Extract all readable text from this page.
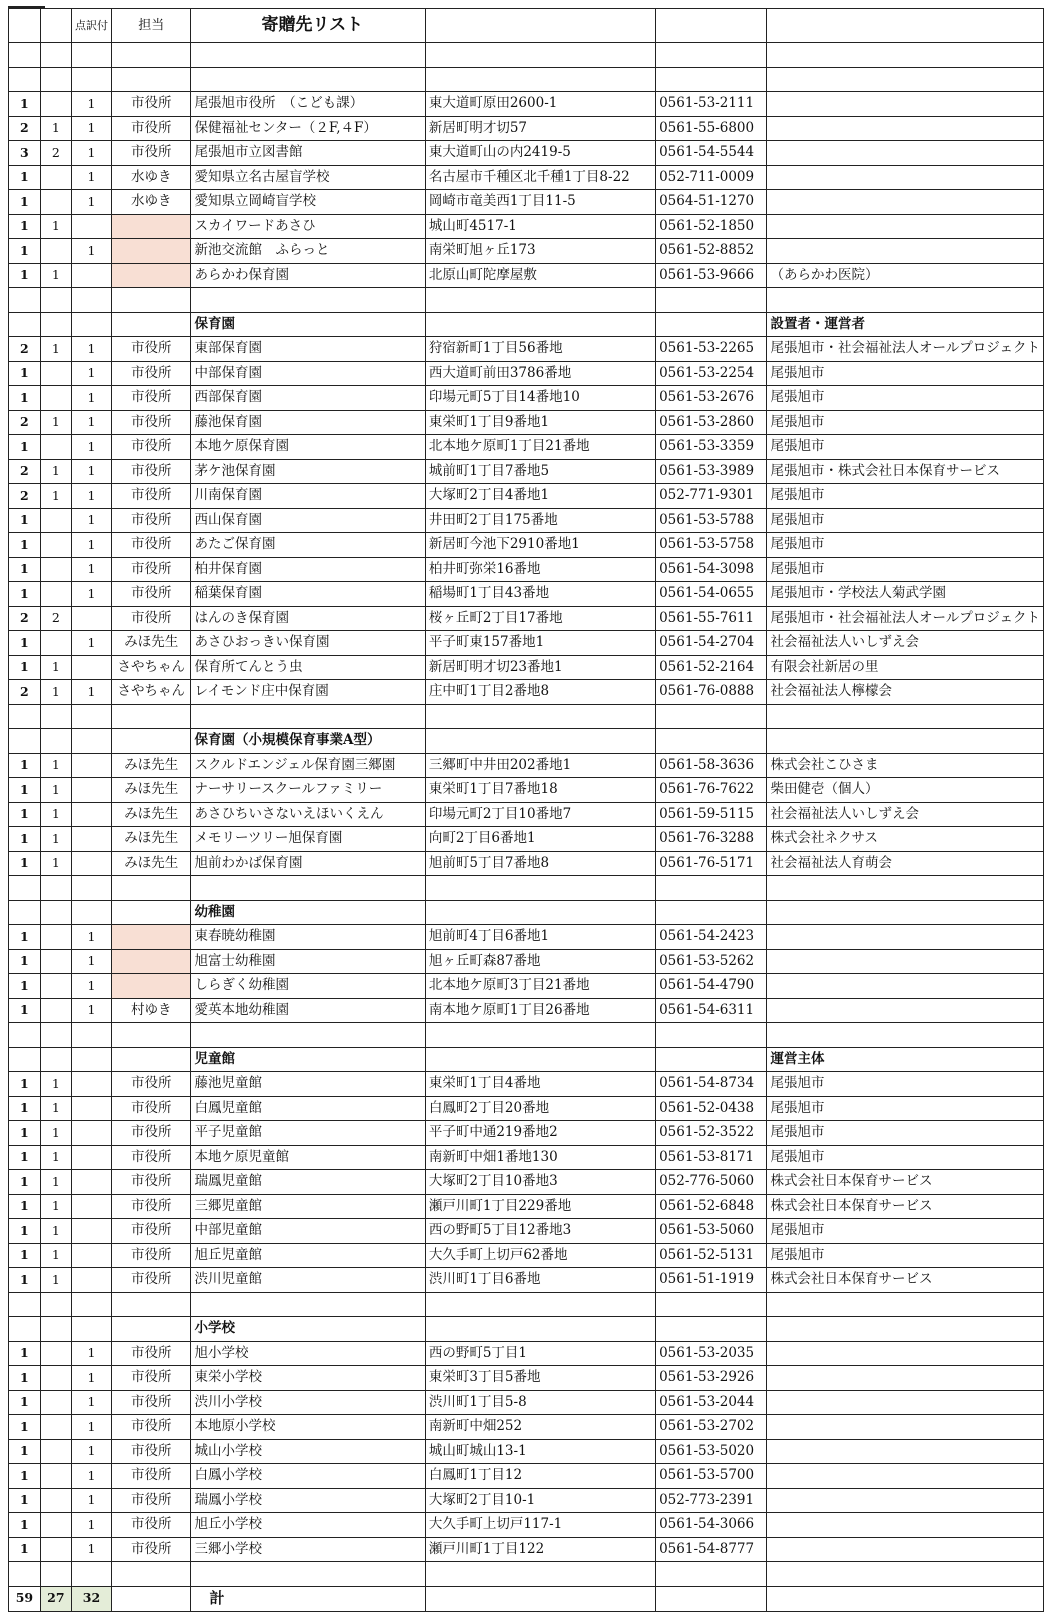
		点訳付	担当	寄贈先リスト			

1		1	市役所	尾張旭市役所　（こども課）	東大道町原田2600-1	0561-53-2111	
2	1	1	市役所	保健福祉センター（２F,４F）	新居町明才切57	0561-55-6800	
3	2	1	市役所	尾張旭市立図書館	東大道町山の内2419-5	0561-54-5544	
1		1	水ゆき	愛知県立名古屋盲学校	名古屋市千種区北千種1丁目8-22	052-711-0009	
1		1	水ゆき	愛知県立岡崎盲学校	岡崎市竜美西1丁目11-5	0564-51-1270	
1	1			スカイワードあさひ	城山町4517-1	0561-52-1850	
1		1		新池交流館　ふらっと	南栄町旭ヶ丘173	0561-52-8852	
1	1			あらかわ保育園	北原山町陀摩屋敷	0561-53-9666	（あらかわ医院）

				保育園			設置者・運営者
2	1	1	市役所	東部保育園	狩宿新町1丁目56番地	0561-53-2265	尾張旭市・社会福祉法人オールプロジェクト
1		1	市役所	中部保育園	西大道町前田3786番地	0561-53-2254	尾張旭市
1		1	市役所	西部保育園	印場元町5丁目14番地10	0561-53-2676	尾張旭市
2	1	1	市役所	藤池保育園	東栄町1丁目9番地1	0561-53-2860	尾張旭市
1		1	市役所	本地ケ原保育園	北本地ケ原町1丁目21番地	0561-53-3359	尾張旭市
2	1	1	市役所	茅ケ池保育園	城前町1丁目7番地5	0561-53-3989	尾張旭市・株式会社日本保育サービス
2	1	1	市役所	川南保育園	大塚町2丁目4番地1	052-771-9301	尾張旭市
1		1	市役所	西山保育園	井田町2丁目175番地	0561-53-5788	尾張旭市
1		1	市役所	あたご保育園	新居町今池下2910番地1	0561-53-5758	尾張旭市
1		1	市役所	柏井保育園	柏井町弥栄16番地	0561-54-3098	尾張旭市
1		1	市役所	稲葉保育園	稲場町1丁目43番地	0561-54-0655	尾張旭市・学校法人菊武学園
2	2		市役所	はんのき保育園	桜ヶ丘町2丁目17番地	0561-55-7611	尾張旭市・社会福祉法人オールプロジェクト
1		1	みほ先生	あさひおっきい保育園	平子町東157番地1	0561-54-2704	社会福祉法人いしずえ会
1	1		さやちゃん	保育所てんとう虫	新居町明才切23番地1	0561-52-2164	有限会社新居の里
2	1	1	さやちゃん	レイモンド庄中保育園	庄中町1丁目2番地8	0561-76-0888	社会福祉法人檸檬会

				保育園（小規模保育事業A型）			
1	1		みほ先生	スクルドエンジェル保育園三郷園	三郷町中井田202番地1	0561-58-3636	株式会社こひさま
1	1		みほ先生	ナーサリースクールファミリー	東栄町1丁目7番地18	0561-76-7622	柴田健壱（個人）
1	1		みほ先生	あさひちいさないえほいくえん	印場元町2丁目10番地7	0561-59-5115	社会福祉法人いしずえ会
1	1		みほ先生	メモリーツリー旭保育園	向町2丁目6番地1	0561-76-3288	株式会社ネクサス
1	1		みほ先生	旭前わかば保育園	旭前町5丁目7番地8	0561-76-5171	社会福祉法人育萌会

				幼稚園			
1		1		東春暁幼稚園	旭前町4丁目6番地1	0561-54-2423	
1		1		旭富士幼稚園	旭ヶ丘町森87番地	0561-53-5262	
1		1		しらぎく幼稚園	北本地ケ原町3丁目21番地	0561-54-4790	
1		1	村ゆき	愛英本地幼稚園	南本地ケ原町1丁目26番地	0561-54-6311	

				児童館			運営主体
1	1		市役所	藤池児童館	東栄町1丁目4番地	0561-54-8734	尾張旭市
1	1		市役所	白鳳児童館	白鳳町2丁目20番地	0561-52-0438	尾張旭市
1	1		市役所	平子児童館	平子町中通219番地2	0561-52-3522	尾張旭市
1	1		市役所	本地ケ原児童館	南新町中畑1番地130	0561-53-8171	尾張旭市
1	1		市役所	瑞鳳児童館	大塚町2丁目10番地3	052-776-5060	株式会社日本保育サービス
1	1		市役所	三郷児童館	瀬戸川町1丁目229番地	0561-52-6848	株式会社日本保育サービス
1	1		市役所	中部児童館	西の野町5丁目12番地3	0561-53-5060	尾張旭市
1	1		市役所	旭丘児童館	大久手町上切戸62番地	0561-52-5131	尾張旭市
1	1		市役所	渋川児童館	渋川町1丁目6番地	0561-51-1919	株式会社日本保育サービス

				小学校			
1		1	市役所	旭小学校	西の野町5丁目1	0561-53-2035	
1		1	市役所	東栄小学校	東栄町3丁目5番地	0561-53-2926	
1		1	市役所	渋川小学校	渋川町1丁目5-8	0561-53-2044	
1		1	市役所	本地原小学校	南新町中畑252	0561-53-2702	
1		1	市役所	城山小学校	城山町城山13-1	0561-53-5020	
1		1	市役所	白鳳小学校	白鳳町1丁目12	0561-53-5700	
1		1	市役所	瑞鳳小学校	大塚町2丁目10-1	052-773-2391	
1		1	市役所	旭丘小学校	大久手町上切戸117-1	0561-54-3066	
1		1	市役所	三郷小学校	瀬戸川町1丁目122	0561-54-8777	

59	27	32		計			
